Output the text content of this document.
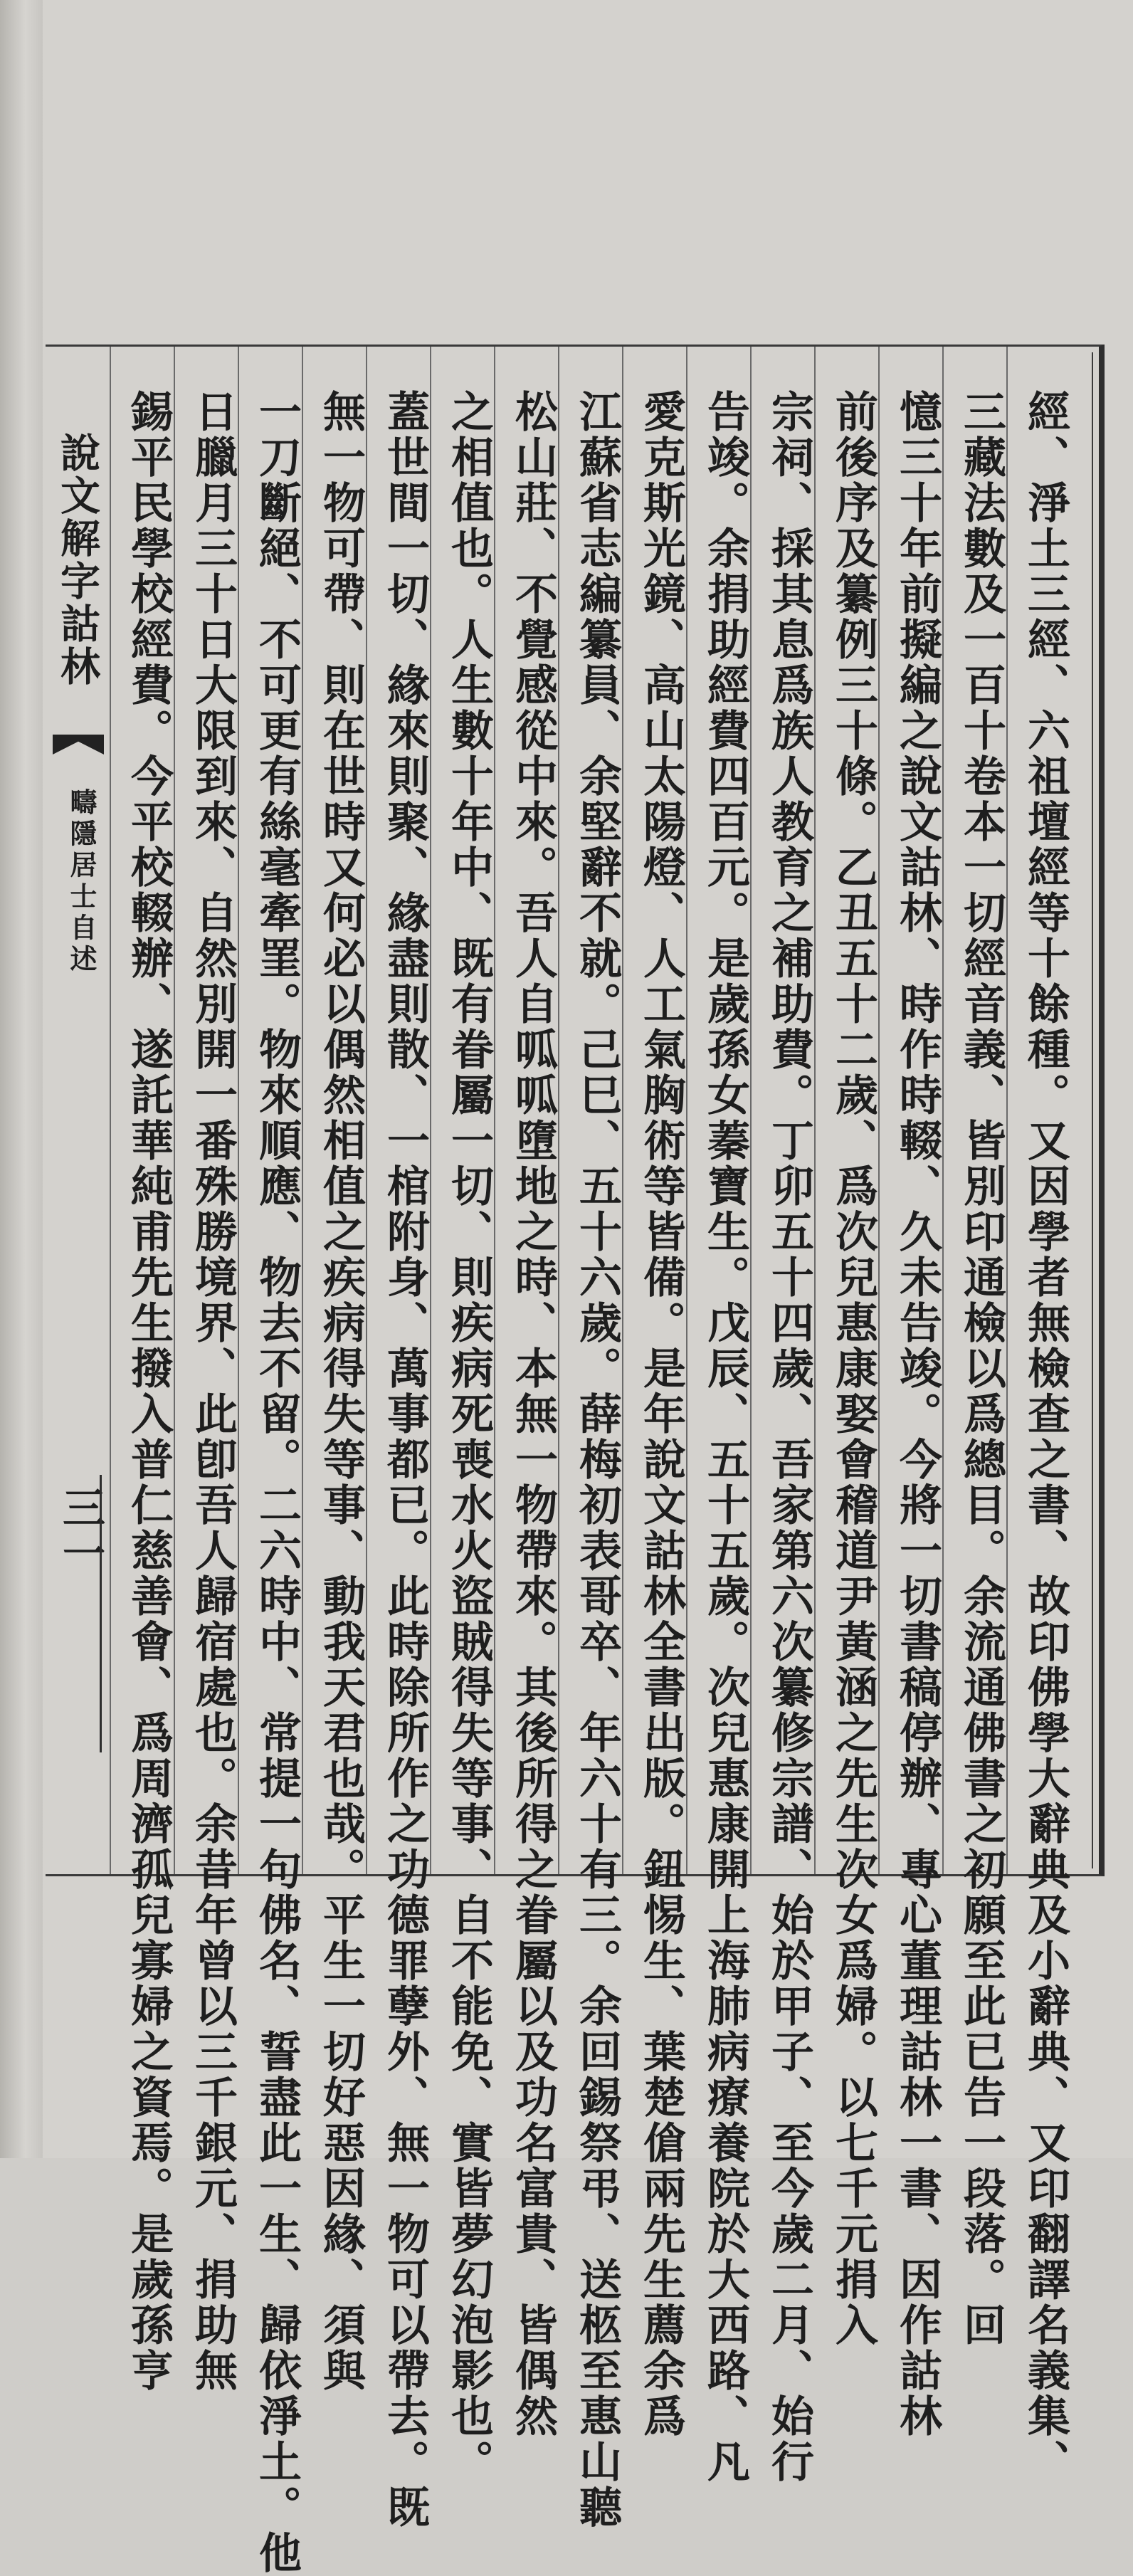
說文解字詁林
疇隱居士自述
三一	經、淨土三經、六祖壇經等十餘種。又因學者無檢查之書、故印佛學大辭典及小辭典、又印翻譯名義集、
三藏法數及一百十卷本一切經音義、皆別印通檢以爲總目。余流通佛書之初願至此已告一段落。回
憶三十年前擬編之說文詁林、時作時輟、久未告竣。今將一切書稿停辦、專心董理詁林一書、因作詁林
前後序及纂例三十條。乙丑五十二歲、爲次兒惠康娶會稽道尹黃涵之先生次女爲婦。以七千元捐入
宗祠、採其息爲族人教育之補助費。丁卯五十四歲、吾家第六次纂修宗譜、始於甲子、至今歲二月、始行
告竣。余捐助經費四百元。是歲孫女蓁寶生。戊辰、五十五歲。次兒惠康開上海肺病療養院於大西路、凡
愛克斯光鏡、高山太陽燈、人工氣胸術等皆備。是年說文詁林全書出版。鈕惕生、葉楚傖兩先生薦余爲
江蘇省志編纂員、余堅辭不就。己巳、五十六歲。薛梅初表哥卒、年六十有三。余回錫祭弔、送柩至惠山聽
松山莊、不覺感從中來。吾人自呱呱墮地之時、本無一物帶來。其後所得之眷屬以及功名富貴、皆偶然
之相值也。人生數十年中、既有眷屬一切、則疾病死喪水火盜賊得失等事、自不能免、實皆夢幻泡影也。
蓋世間一切、緣來則聚、緣盡則散、一棺附身、萬事都已。此時除所作之功德罪孽外、無一物可以帶去。既
無一物可帶、則在世時又何必以偶然相值之疾病得失等事、動我天君也哉。平生一切好惡因緣、須與
一刀斷絕、不可更有絲毫牽罣。物來順應、物去不留。二六時中、常提一句佛名、誓盡此一生、歸依淨土。他
日臘月三十日大限到來、自然別開一番殊勝境界、此卽吾人歸宿處也。余昔年曾以三千銀元、捐助無
錫平民學校經費。今平校輟辦、遂託華純甫先生撥入普仁慈善會、爲周濟孤兒寡婦之資焉。是歲孫亨
